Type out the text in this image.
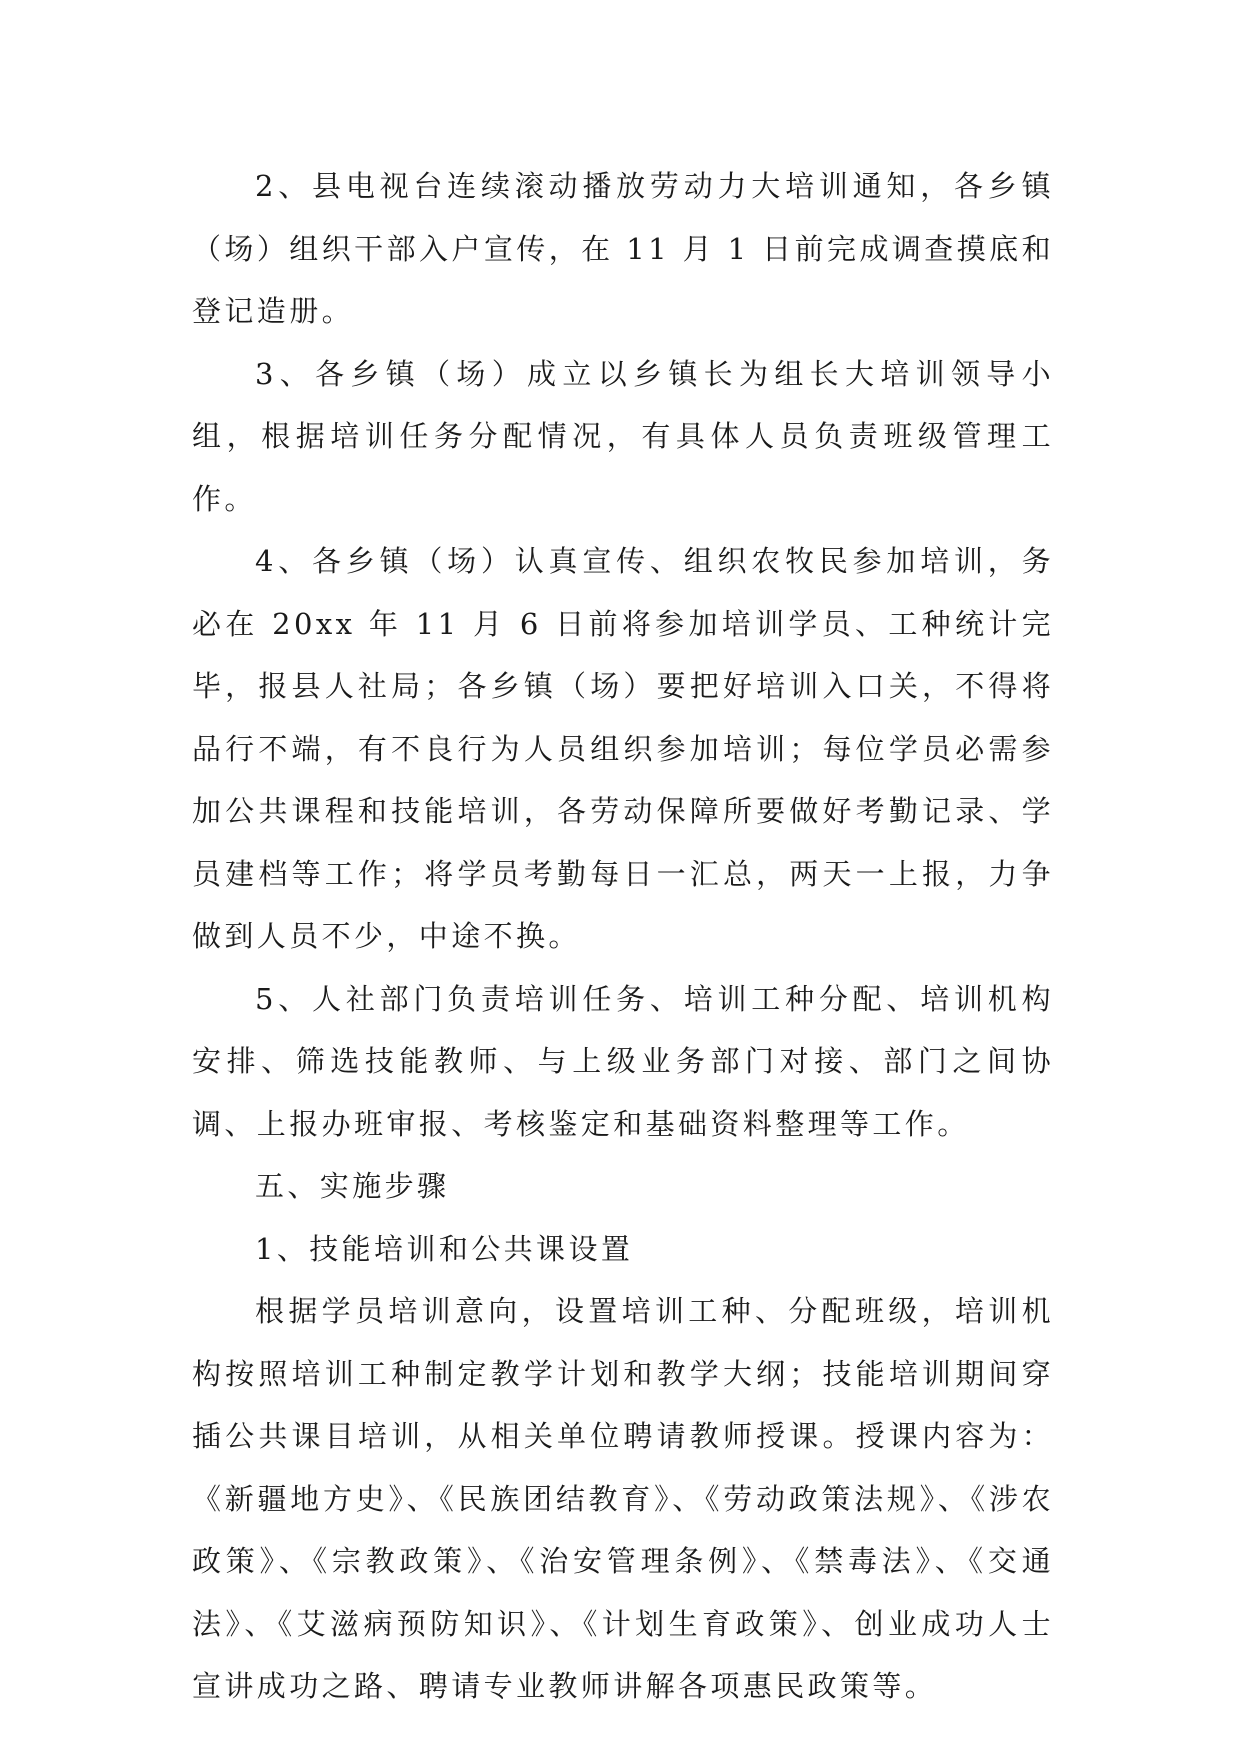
2、县电视台连续滚动播放劳动力大培训通知，各乡镇（场）组织干部入户宣传，在 11 月 1 日前完成调查摸底和登记造册。

3、各乡镇（场）成立以乡镇长为组长大培训领导小组，根据培训任务分配情况，有具体人员负责班级管理工作。

4、各乡镇（场）认真宣传、组织农牧民参加培训，务必在 20xx 年 11 月 6 日前将参加培训学员、工种统计完毕，报县人社局；各乡镇（场）要把好培训入口关，不得将品行不端，有不良行为人员组织参加培训；每位学员必需参加公共课程和技能培训，各劳动保障所要做好考勤记录、学员建档等工作；将学员考勤每日一汇总，两天一上报，力争做到人员不少，中途不换。

5、人社部门负责培训任务、培训工种分配、培训机构安排、筛选技能教师、与上级业务部门对接、部门之间协调、上报办班审报、考核鉴定和基础资料整理等工作。

五、实施步骤

1、技能培训和公共课设置

根据学员培训意向，设置培训工种、分配班级，培训机构按照培训工种制定教学计划和教学大纲；技能培训期间穿插公共课目培训，从相关单位聘请教师授课。授课内容为：《新疆地方史》、《民族团结教育》、《劳动政策法规》、《涉农政策》、《宗教政策》、《治安管理条例》、《禁毒法》、《交通法》、《艾滋病预防知识》、《计划生育政策》、创业成功人士宣讲成功之路、聘请专业教师讲解各项惠民政策等。
